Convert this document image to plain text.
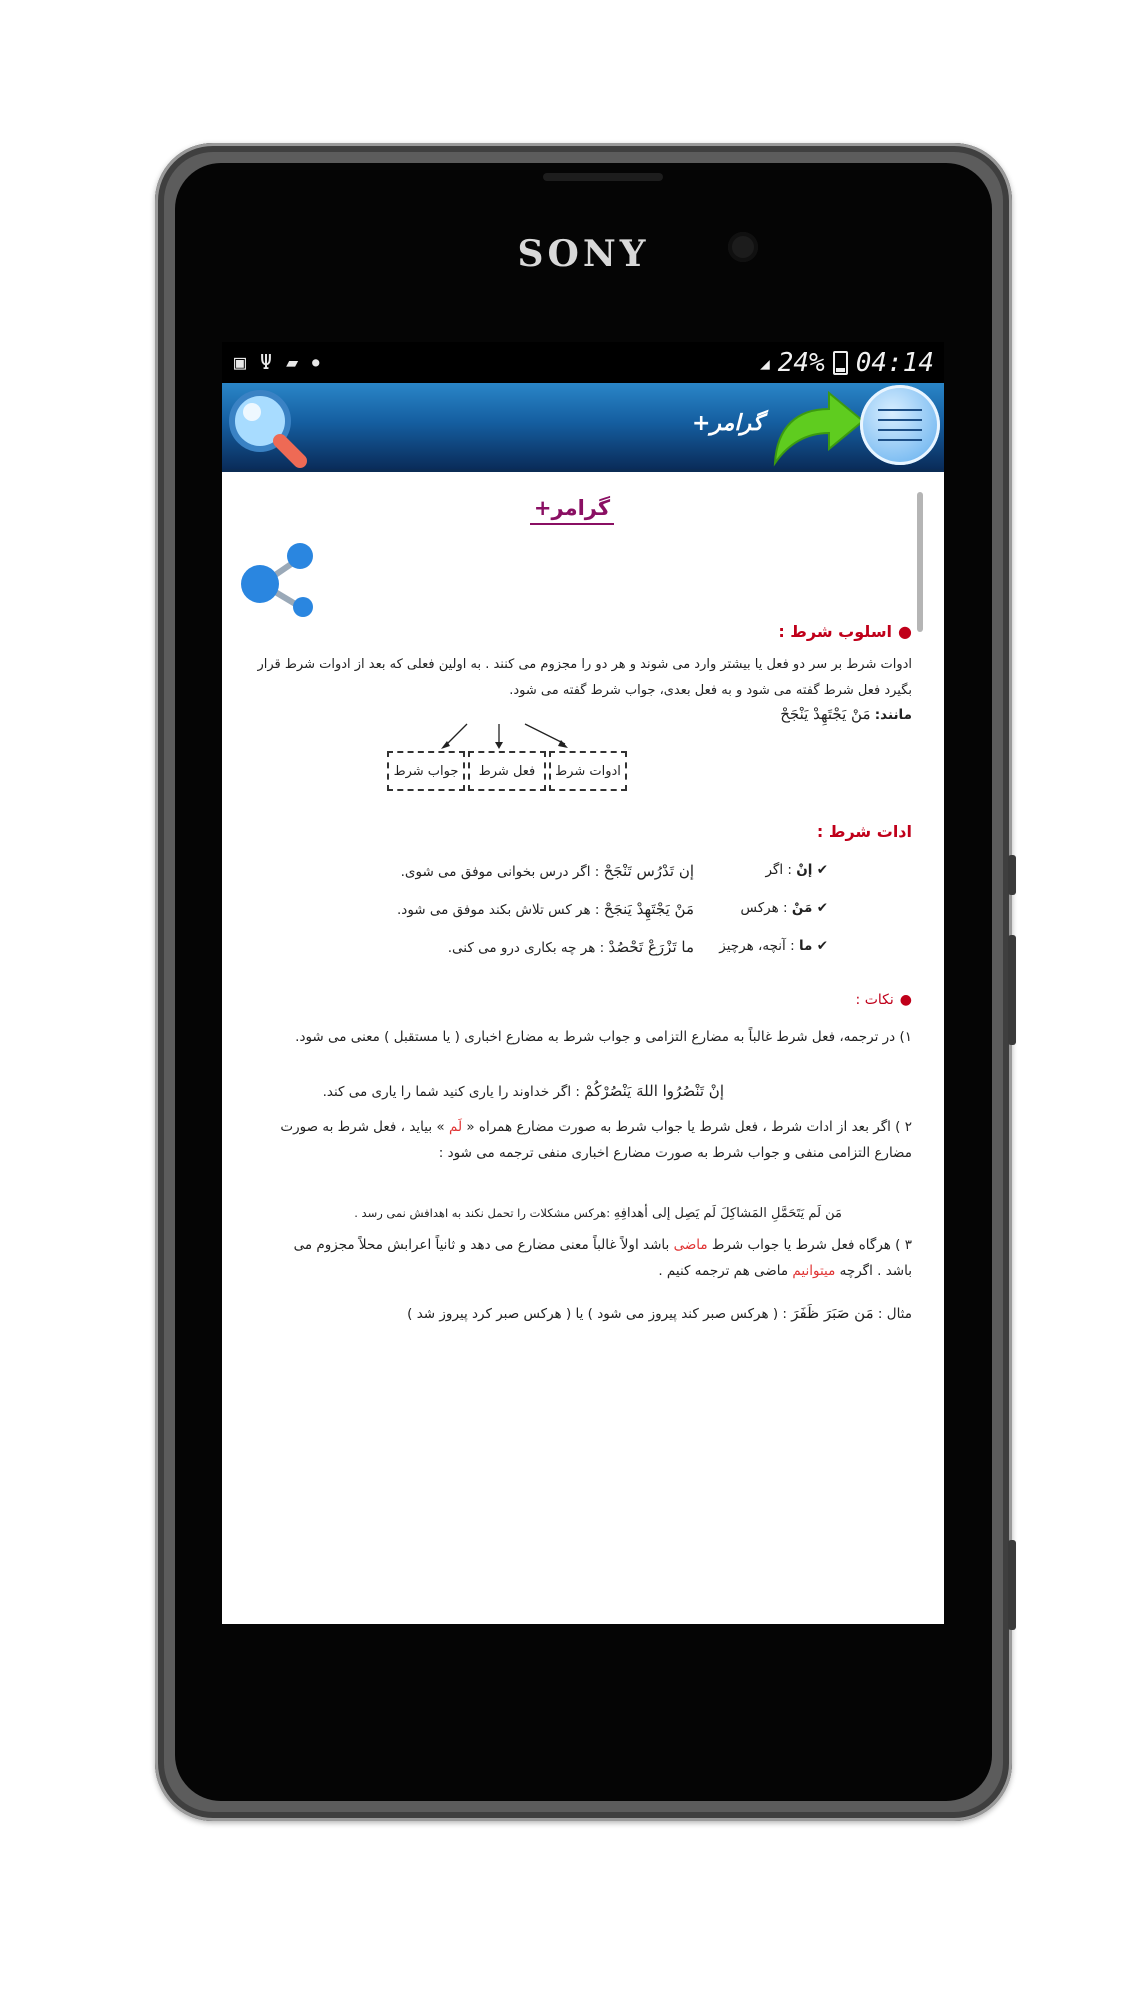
SONY
▣ Ψ ▰ ●	◢ 24% 04:14
گرامر+
گرامر+
●اسلوب شرط :
ادوات شرط بر سر دو فعل یا بیشتر وارد می شوند و هر دو را مجزوم می کنند . به اولین فعلی که بعد از ادوات شرط قرار بگیرد فعل شرط گفته می شود و به فعل بعدی، جواب شرط گفته می شود.
مانند: مَنْ یَجْتَهِدْ یَنْجَحْ
ادوات شرط
فعل شرط
جواب شرط
ادات شرط :
✔ إنْ : اگر
إن تَدْرُس تَنْجَحْ : اگر درس بخوانی موفق می شوی.
✔ مَنْ : هرکس
مَنْ یَجْتَهِدْ یَنجَحْ : هر کس تلاش بکند موفق می شود.
✔ ما : آنچه، هرچیز
ما تَزْرَعْ تَحْصُدْ : هر چه بکاری درو می کنی.
●نکات :
۱) در ترجمه، فعل شرط غالباً به مضارع التزامی و جواب شرط به مضارع اخباری ( یا مستقبل ) معنی می شود.
إنْ تَنْصُرُوا اللهَ یَنْصُرْکُمْ : اگر خداوند را یاری کنید شما را یاری می کند.
۲ ) اگر بعد از ادات شرط ، فعل شرط یا جواب شرط به صورت مضارع همراه « لَم » بیاید ، فعل شرط به صورت مضارع التزامی منفی و جواب شرط به صورت مضارع اخباری منفی ترجمه می شود :
مَن لَم یَتَحَمَّلِ المَشاکِلَ لَم یَصِل إلی أهدافِهِ :هرکس مشکلات را تحمل نکند به اهدافش نمی رسد .
۳ ) هرگاه فعل شرط یا جواب شرط ماضی باشد اولاً غالباً معنی مضارع می دهد و ثانیاً اعرابش محلاً مجزوم می باشد . اگرچه میتوانیم ماضی هم ترجمه کنیم .
مثال : مَن صَبَرَ ظَفَرَ : ( هرکس صبر کند پیروز می شود ) یا ( هرکس صبر کرد پیروز شد )
